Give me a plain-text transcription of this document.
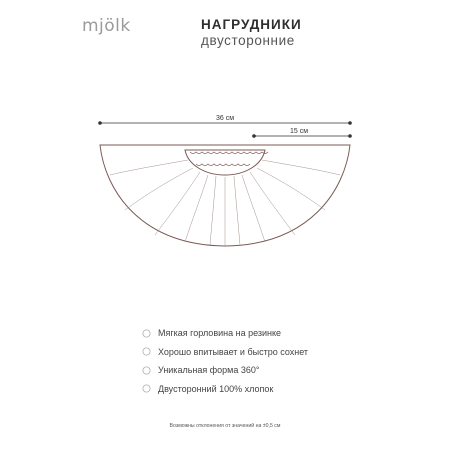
mjölk	НАГРУДНИКИ
двусторонние
36 см
15 см
Мягкая горловина на резинке
Хорошо впитывает и быстро сохнет
Уникальная форма 360°
Двусторонний 100% хлопок
Возможны отклонения от значений на ±0,5 см
